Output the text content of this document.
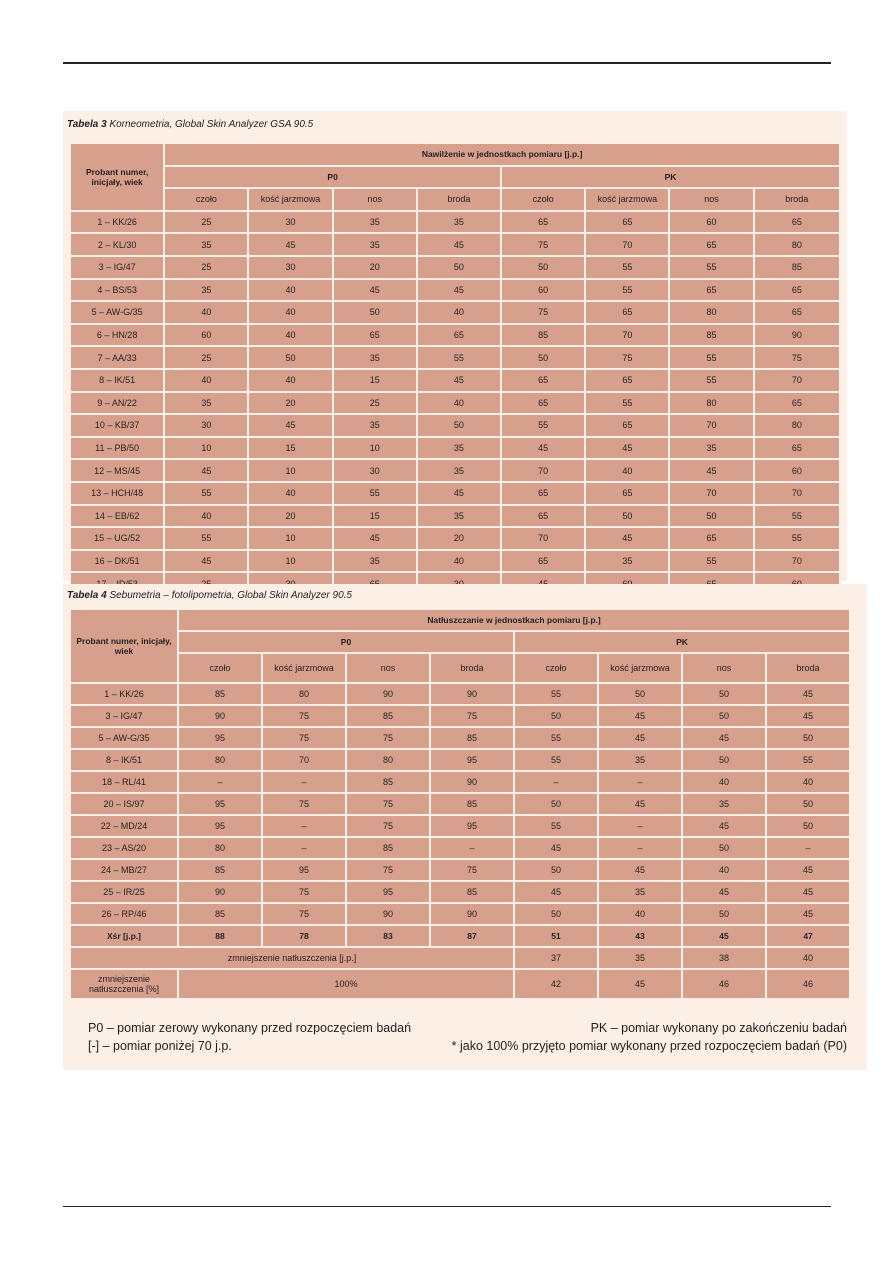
Tabela 3 Korneometria, Global Skin Analyzer GSA 90.5
Probant numer, inicjały, wiek	Nawilżenie w jednostkach pomiaru [j.p.]							
	P0				PK			
	czoło	kość jarzmowa	nos	broda	czoło	kość jarzmowa	nos	broda
1 – KK/26	25	30	35	35	65	65	60	65
2 – KL/30	35	45	35	45	75	70	65	80
3 – IG/47	25	30	20	50	50	55	55	85
4 – BS/53	35	40	45	45	60	55	65	65
5 – AW-G/35	40	40	50	40	75	65	80	65
6 – HN/28	60	40	65	65	85	70	85	90
7 – AA/33	25	50	35	55	50	75	55	75
8 – IK/51	40	40	15	45	65	65	55	70
9 – AN/22	35	20	25	40	65	55	80	65
10 – KB/37	30	45	35	50	55	65	70	80
11 – PB/50	10	15	10	35	45	45	35	65
12 – MS/45	45	10	30	35	70	40	45	60
13 – HCH/48	55	40	55	45	65	65	70	70
14 – EB/62	40	20	15	35	65	50	50	55
15 – UG/52	55	10	45	20	70	45	65	55
16 – DK/51	45	10	35	40	65	35	55	70

Tabela 4 Sebumetria – fotolipometria, Global Skin Analyzer 90.5
Probant numer, inicjały, wiek	Natłuszczanie w jednostkach pomiaru [j.p.]							
	P0				PK			
	czoło	kość jarzmowa	nos	broda	czoło	kość jarzmowa	nos	broda
1 – KK/26	85	80	90	90	55	50	50	45
3 – IG/47	90	75	85	75	50	45	50	45
5 – AW-G/35	95	75	75	85	55	45	45	50
8 – IK/51	80	70	80	95	55	35	50	55
18 – RL/41	–	–	85	90	–	–	40	40
20 – IS/97	95	75	75	85	50	45	35	50
22 – MD/24	95	–	75	95	55	–	45	50
23 – AS/20	80	–	85	–	45	–	50	–
24 – MB/27	85	95	75	75	50	45	40	45
25 – IR/25	90	75	95	85	45	35	45	45
26 – RP/46	85	75	90	90	50	40	50	45
Xśr [j.p.]	88	78	83	87	51	43	45	47
zmniejszenie natłuszczenia [j.p.]					37	35	38	40
zmniejszenie natłuszczenia [%]	100%				42	45	46	46
P0 – pomiar zerowy wykonany przed rozpoczęciem badań
[-] – pomiar poniżej 70 j.p.
PK – pomiar wykonany po zakończeniu badań
* jako 100% przyjęto pomiar wykonany przed rozpoczęciem badań (P0)
